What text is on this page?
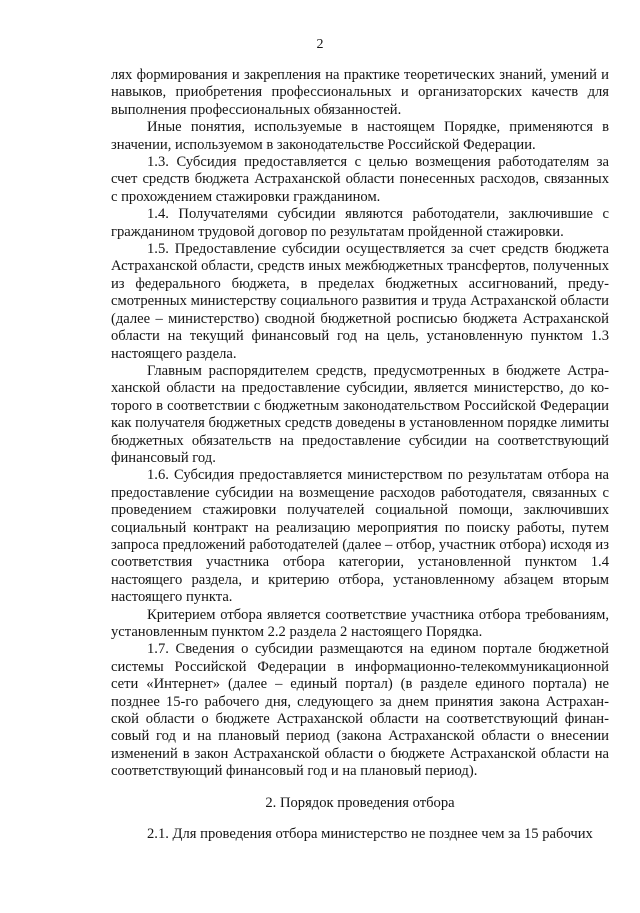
2

лях формирования и закрепления на практике теоретических знаний, умений и навыков, приобретения профессиональных и организаторских качеств для выполнения профессиональных обязанностей.

Иные понятия, используемые в настоящем Порядке, применяются в значении, используемом в законодательстве Российской Федерации.

1.3. Субсидия предоставляется с целью возмещения работодателям за счет средств бюджета Астраханской области понесенных расходов, связанных с прохождением стажировки гражданином.

1.4. Получателями субсидии являются работодатели, заключившие с гражданином трудовой договор по результатам пройденной стажировки.

1.5. Предоставление субсидии осуществляется за счет средств бюджета Астраханской области, средств иных межбюджетных трансфертов, полученных из федерального бюджета, в пределах бюджетных ассигнований, предусмотренных министерству социального развития и труда Астраханской области (далее – министерство) сводной бюджетной росписью бюджета Астраханской области на текущий финансовый год на цель, установленную пунктом 1.3 настоящего раздела.

Главным распорядителем средств, предусмотренных в бюджете Астраханской области на предоставление субсидии, является министерство, до которого в соответствии с бюджетным законодательством Российской Федерации как получателя бюджетных средств доведены в установленном порядке лимиты бюджетных обязательств на предоставление субсидии на соответствующий финансовый год.

1.6. Субсидия предоставляется министерством по результатам отбора на предоставление субсидии на возмещение расходов работодателя, связанных с проведением стажировки получателей социальной помощи, заключивших социальный контракт на реализацию мероприятия по поиску работы, путем запроса предложений работодателей (далее – отбор, участник отбора) исходя из соответствия участника отбора категории, установленной пунктом 1.4 настоящего раздела, и критерию отбора, установленному абзацем вторым настоящего пункта.

Критерием отбора является соответствие участника отбора требованиям, установленным пунктом 2.2 раздела 2 настоящего Порядка.

1.7. Сведения о субсидии размещаются на едином портале бюджетной системы Российской Федерации в информационно-телекоммуникационной сети «Интернет» (далее – единый портал) (в разделе единого портала) не позднее 15-го рабочего дня, следующего за днем принятия закона Астраханской области о бюджете Астраханской области на соответствующий финансовый год и на плановый период (закона Астраханской области о внесении изменений в закон Астраханской области о бюджете Астраханской области на соответствующий финансовый год и на плановый период).

2. Порядок проведения отбора

2.1. Для проведения отбора министерство не позднее чем за 15 рабочих
